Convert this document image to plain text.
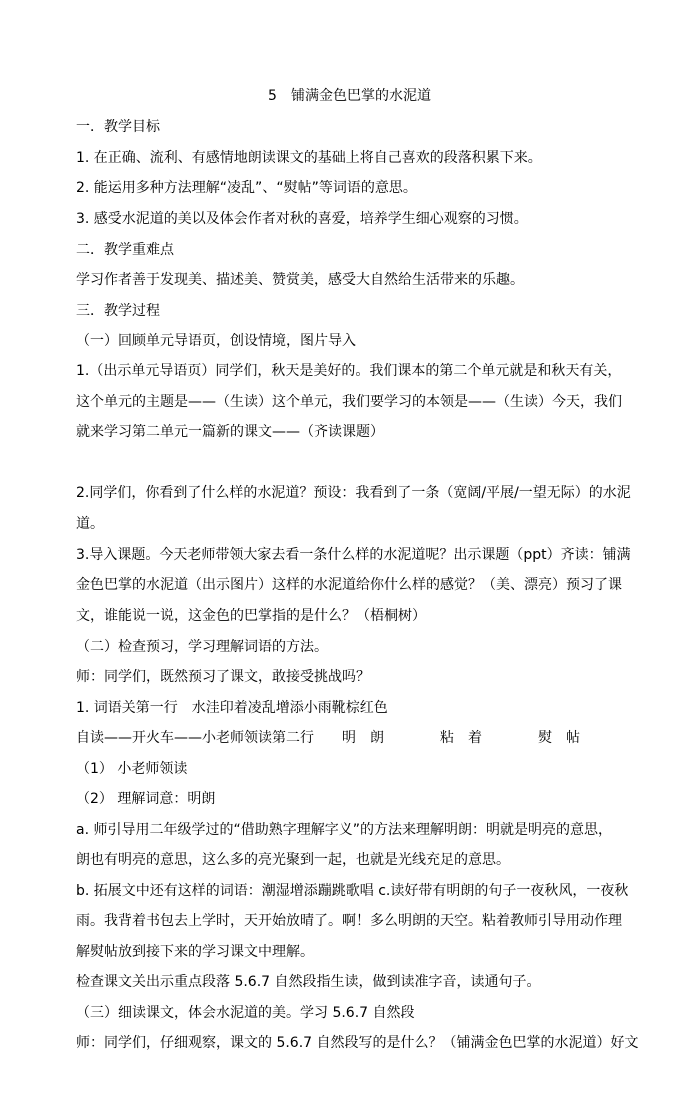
5　铺满金色巴掌的水泥道
一．教学目标
1. 在正确、流利、有感情地朗读课文的基础上将自己喜欢的段落积累下来。
2. 能运用多种方法理解“凌乱”、“熨帖”等词语的意思。
3. 感受水泥道的美以及体会作者对秋的喜爱，培养学生细心观察的习惯。
二．教学重难点
学习作者善于发现美、描述美、赞赏美，感受大自然给生活带来的乐趣。
三．教学过程
（一）回顾单元导语页，创设情境，图片导入
1.（出示单元导语页）同学们，秋天是美好的。我们课本的第二个单元就是和秋天有关，
这个单元的主题是——（生读）这个单元，我们要学习的本领是——（生读）今天，我们
就来学习第二单元一篇新的课文——（齐读课题）
2.同学们，你看到了什么样的水泥道？预设：我看到了一条（宽阔/平展/一望无际）的水泥
道。
3.导入课题。今天老师带领大家去看一条什么样的水泥道呢？出示课题（ppt）齐读：铺满
金色巴掌的水泥道（出示图片）这样的水泥道给你什么样的感觉？（美、漂亮）预习了课
文，谁能说一说，这金色的巴掌指的是什么？（梧桐树）
（二）检查预习，学习理解词语的方法。
师：同学们，既然预习了课文，敢接受挑战吗？
1. 词语关第一行　水洼印着凌乱增添小雨靴棕红色
自读——开火车——小老师领读第二行　　明　朗　　　　粘　着　　　　熨　帖
（1） 小老师领读
（2） 理解词意：明朗
a. 师引导用二年级学过的“借助熟字理解字义”的方法来理解明朗：明就是明亮的意思，
朗也有明亮的意思，这么多的亮光聚到一起，也就是光线充足的意思。
b. 拓展文中还有这样的词语：潮湿增添蹦跳歌唱 c.读好带有明朗的句子一夜秋风，一夜秋
雨。我背着书包去上学时，天开始放晴了。啊！多么明朗的天空。粘着教师引导用动作理
解熨帖放到接下来的学习课文中理解。
检查课文关出示重点段落 5.6.7 自然段指生读，做到读准字音，读通句子。
（三）细读课文，体会水泥道的美。学习 5.6.7 自然段
师：同学们，仔细观察，课文的 5.6.7 自然段写的是什么？（铺满金色巴掌的水泥道）好文
